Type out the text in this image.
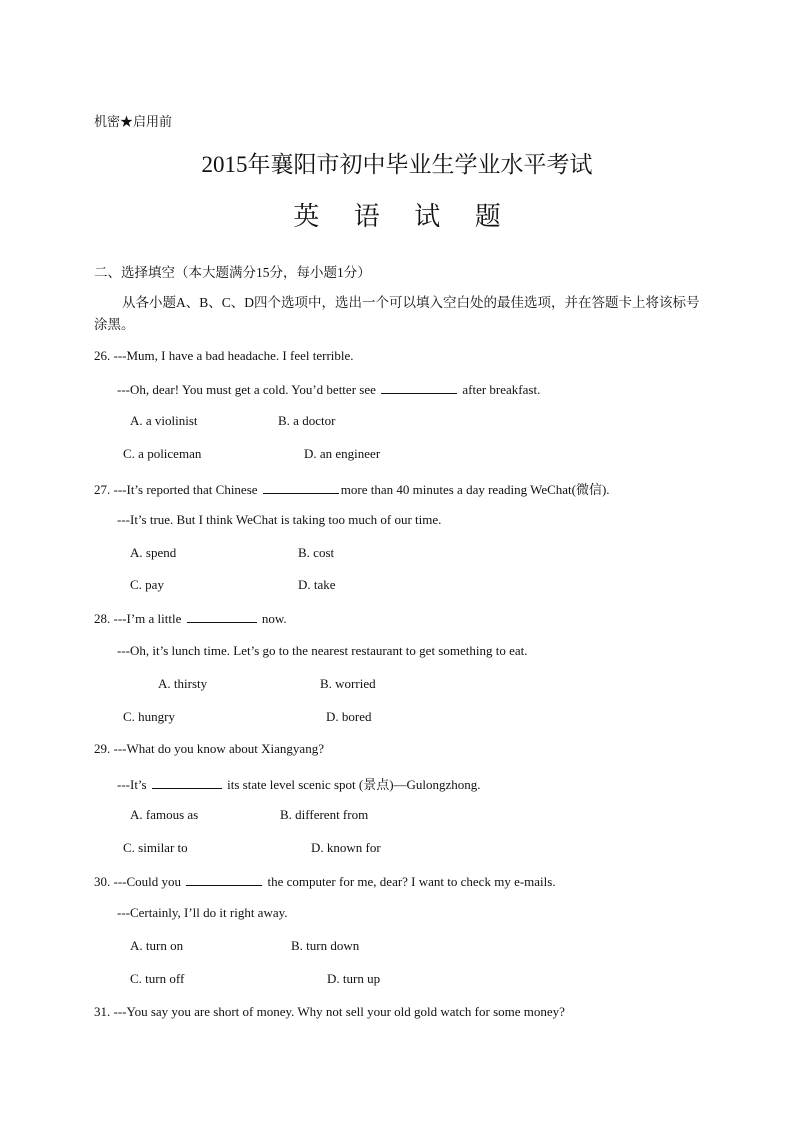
机密★启用前
2015年襄阳市初中毕业生学业水平考试
英 语 试 题
二、选择填空（本大题满分15分，每小题1分）
从各小题A、B、C、D四个选项中，选出一个可以填入空白处的最佳选项，并在答题卡上将该标号涂黑。
26. ---Mum, I have a bad headache. I feel terrible.
---Oh, dear! You must get a cold. You’d better see	after breakfast.
A. a violinist	B. a doctor
C. a policeman	D. an engineer
27. ---It’s reported that Chinese	more than 40 minutes a day reading WeChat(微信).
---It’s true. But I think WeChat is taking too much of our time.
A. spend	B. cost
C. pay	D. take
28. ---I’m a little	now.
---Oh, it’s lunch time. Let’s go to the nearest restaurant to get something to eat.
A. thirsty	B. worried
C. hungry	D. bored
29. ---What do you know about Xiangyang?
---It’s	its state level scenic spot (景点)—Gulongzhong.
A. famous as	B. different from
C. similar to	D. known for
30. ---Could you	the computer for me, dear? I want to check my e-mails.
---Certainly, I’ll do it right away.
A. turn on	B. turn down
C. turn off	D. turn up
31. ---You say you are short of money. Why not sell your old gold watch for some money?
